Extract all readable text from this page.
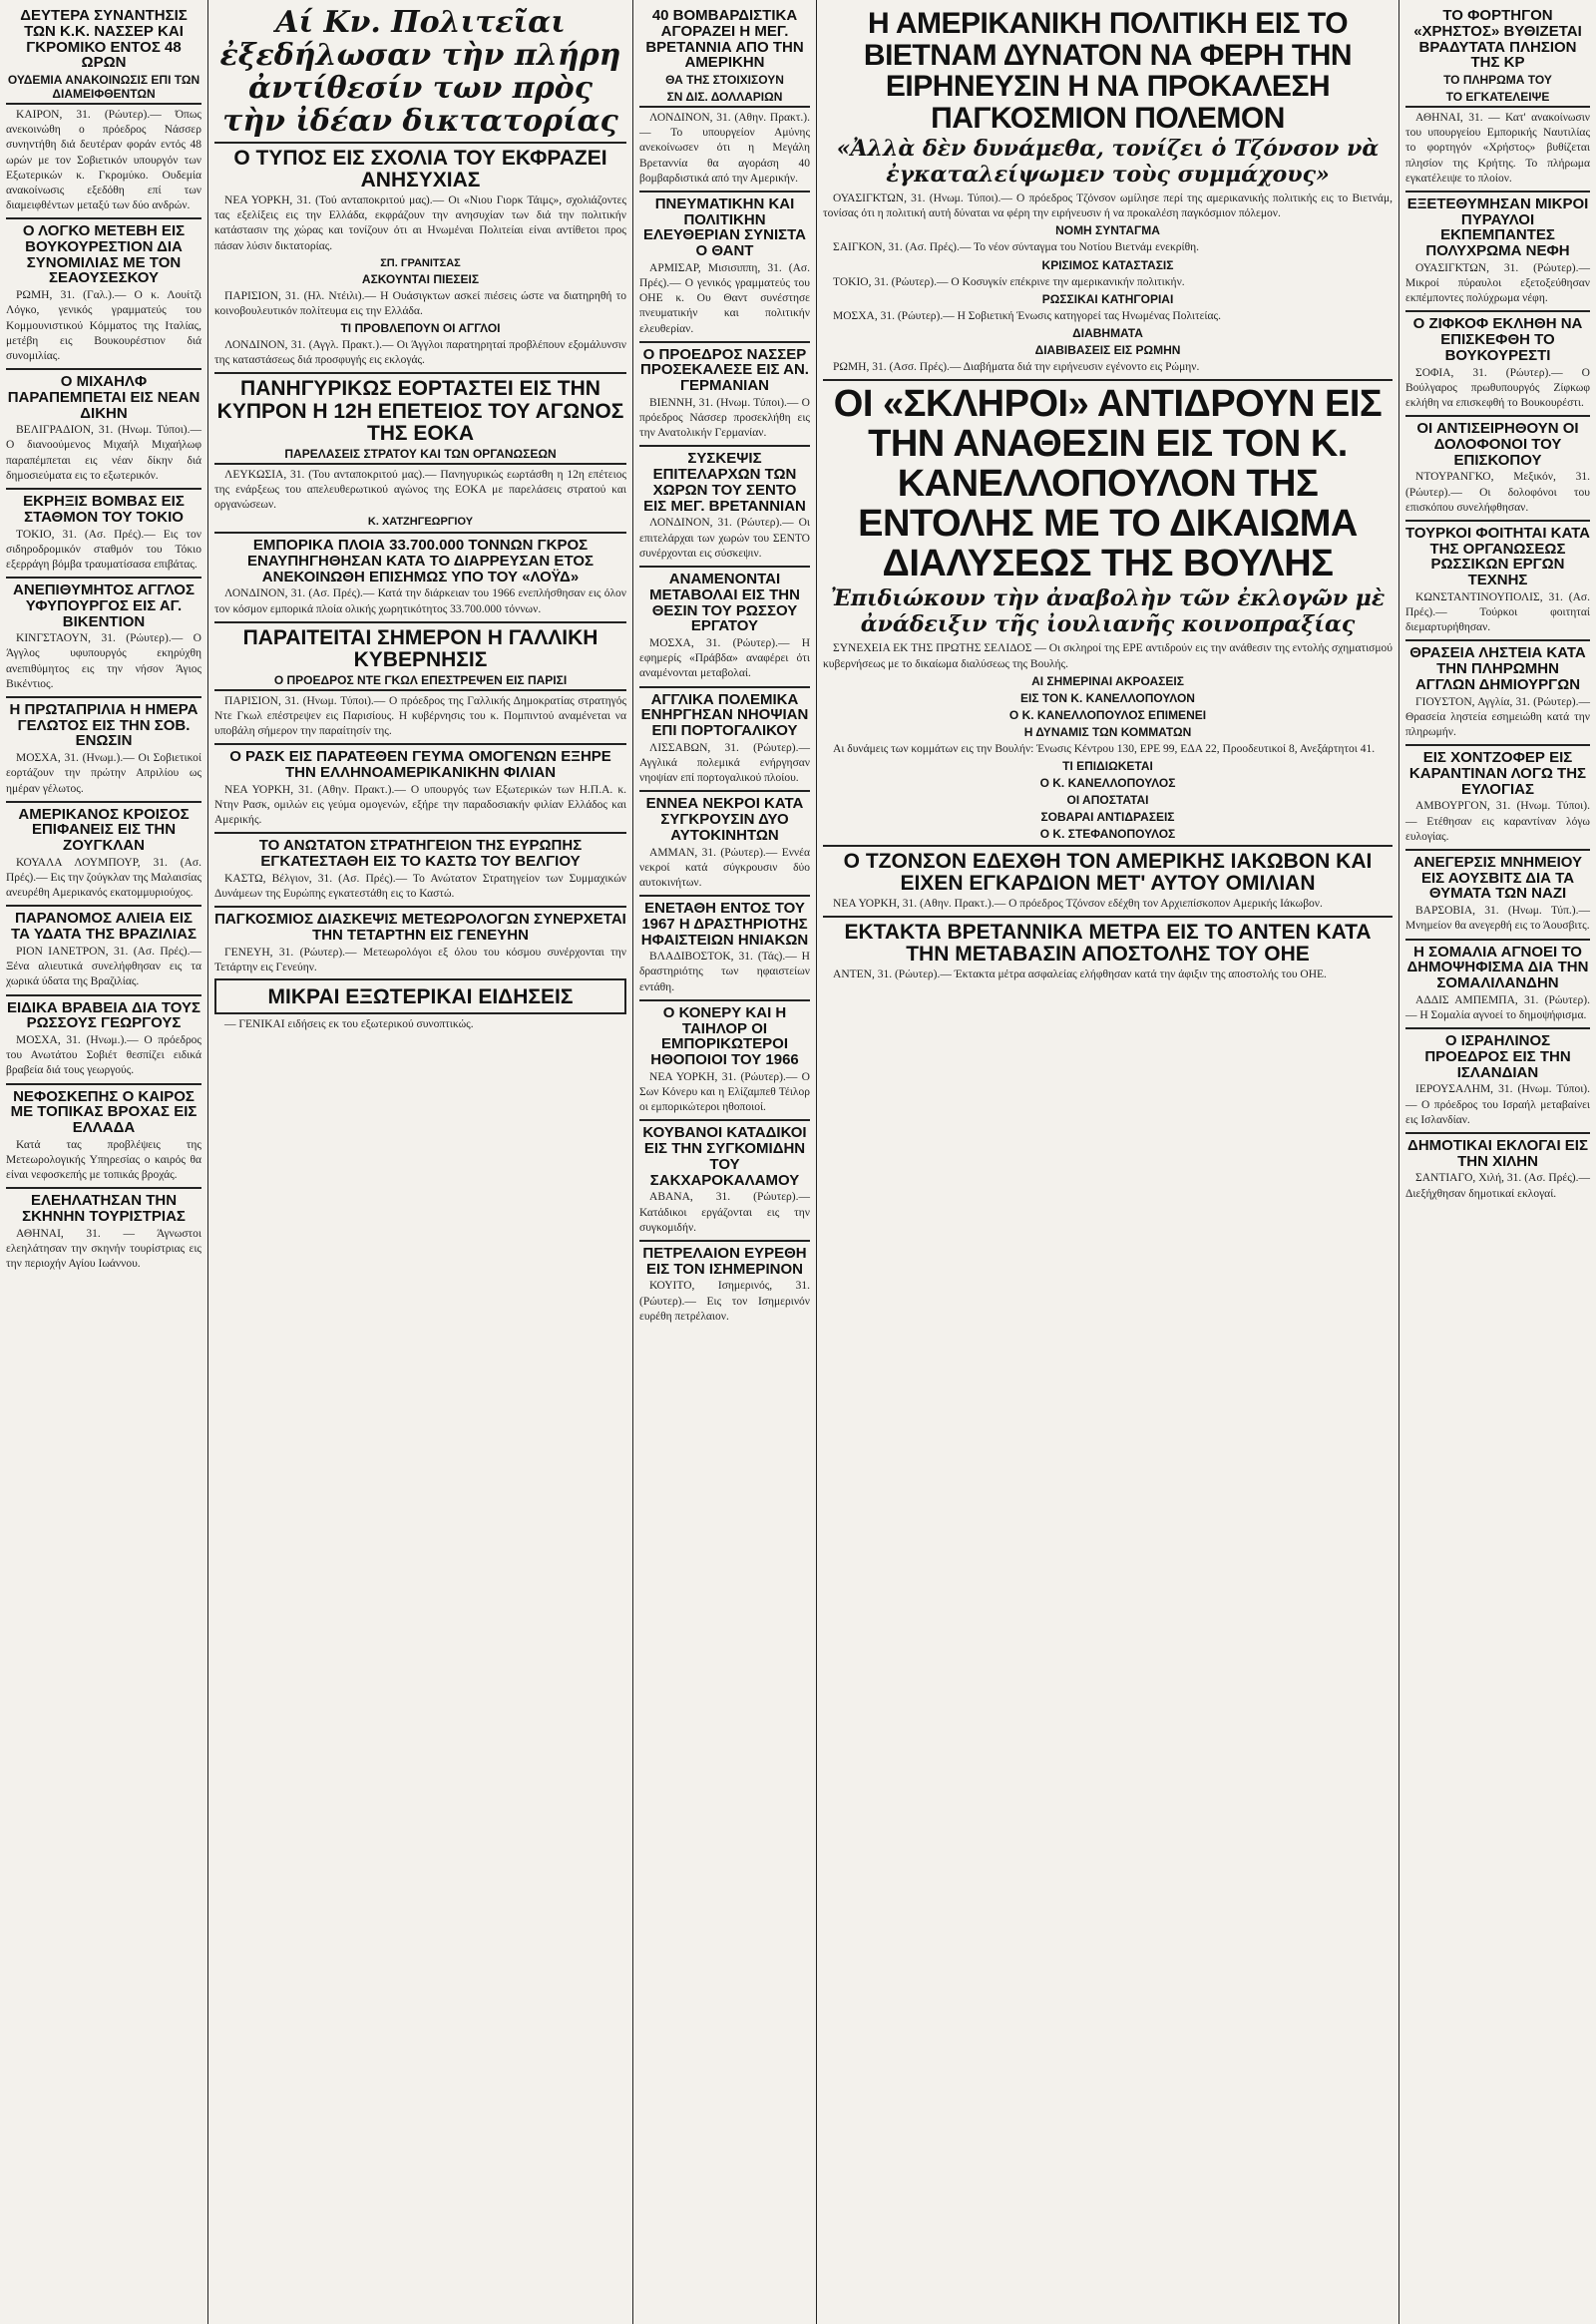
ΔΕΥΤΕΡΑ ΣΥΝΑΝΤΗΣΙΣ ΤΩΝ Κ.Κ. ΝΑΣΣΕΡ ΚΑΙ ΓΚΡΟΜΙΚΟ ΕΝΤΟΣ 48 ΩΡΩΝ
ΟΥΔΕΜΙΑ ΑΝΑΚΟΙΝΩΣΙΣ ΕΠΙ ΤΩΝ ΔΙΑΜΕΙΦΘΕΝΤΩΝ

ΚΑΙΡΟΝ, 31. (Ρώυτερ).— Όπως ανεκοινώθη ο πρόεδρος Νάσσερ συνηντήθη διά δευτέραν φοράν εντός 48 ωρών με τον Σοβιετικόν υπουργόν των Εξωτερικών κ. Γκρομύκο. Ουδεμία ανακοίνωσις εξεδόθη επί των διαμειφθέντων μεταξύ των δύο ανδρών.

Ο ΛΟΓΚΟ ΜΕΤΕΒΗ ΕΙΣ ΒΟΥΚΟΥΡΕΣΤΙΟΝ ΔΙΑ ΣΥΝΟΜΙΛΙΑΣ ΜΕ ΤΟΝ ΣΕΑΟΥΣΕΣΚΟΥ

ΡΩΜΗ, 31. (Γαλ.).— Ο κ. Λουίτζι Λόγκο, γενικός γραμματεύς του Κομμουνιστικού Κόμματος της Ιταλίας, μετέβη εις Βουκουρέστιον διά συνομιλίας.

Ο ΜΙΧΑΗΛΦ ΠΑΡΑΠΕΜΠΕΤΑΙ ΕΙΣ ΝΕΑΝ ΔΙΚΗΝ

ΒΕΛΙΓΡΑΔΙΟΝ, 31. (Ηνωμ. Τύποι).— Ο διανοούμενος Μιχαήλ Μιχαήλωφ παραπέμπεται εις νέαν δίκην διά δημοσιεύματα εις το εξωτερικόν.

ΕΚΡΗΞΙΣ ΒΟΜΒΑΣ ΕΙΣ ΣΤΑΘΜΟΝ ΤΟΥ ΤΟΚΙΟ

ΤΟΚΙΟ, 31. (Ασ. Πρές).— Εις τον σιδηροδρομικόν σταθμόν του Τόκιο εξερράγη βόμβα τραυματίσασα επιβάτας.

ΑΝΕΠΙΘΥΜΗΤΟΣ ΑΓΓΛΟΣ ΥΦΥΠΟΥΡΓΟΣ ΕΙΣ ΑΓ. ΒΙΚΕΝΤΙΟΝ

ΚΙΝΓΣΤΑΟΥΝ, 31. (Ρώυτερ).— Ο Άγγλος υφυπουργός εκηρύχθη ανεπιθύμητος εις την νήσον Άγιος Βικέντιος.

Η ΠΡΩΤΑΠΡΙΛΙΑ Η ΗΜΕΡΑ ΓΕΛΩΤΟΣ ΕΙΣ ΤΗΝ ΣΟΒ. ΕΝΩΣΙΝ

ΜΟΣΧΑ, 31. (Ηνωμ.).— Οι Σοβιετικοί εορτάζουν την πρώτην Απριλίου ως ημέραν γέλωτος.

ΑΜΕΡΙΚΑΝΟΣ ΚΡΟΙΣΟΣ ΕΠΙΦΑΝΕΙΣ ΕΙΣ ΤΗΝ ΖΟΥΓΚΛΑΝ

ΚΟΥΑΛΑ ΛΟΥΜΠΟΥΡ, 31. (Ασ. Πρές).— Εις την ζούγκλαν της Μαλαισίας ανευρέθη Αμερικανός εκατομμυριούχος.

ΠΑΡΑΝΟΜΟΣ ΑΛΙΕΙΑ ΕΙΣ ΤΑ ΥΔΑΤΑ ΤΗΣ ΒΡΑΖΙΛΙΑΣ

ΡΙΟΝ ΙΑΝΕΤΡΟΝ, 31. (Ασ. Πρές).— Ξένα αλιευτικά συνελήφθησαν εις τα χωρικά ύδατα της Βραζιλίας.

ΕΙΔΙΚΑ ΒΡΑΒΕΙΑ ΔΙΑ ΤΟΥΣ ΡΩΣΣΟΥΣ ΓΕΩΡΓΟΥΣ

ΜΟΣΧΑ, 31. (Ηνωμ.).— Ο πρόεδρος του Ανωτάτου Σοβιέτ θεσπίζει ειδικά βραβεία διά τους γεωργούς.

ΝΕΦΟΣΚΕΠΗΣ Ο ΚΑΙΡΟΣ ΜΕ ΤΟΠΙΚΑΣ ΒΡΟΧΑΣ ΕΙΣ ΕΛΛΑΔΑ

Κατά τας προβλέψεις της Μετεωρολογικής Υπηρεσίας ο καιρός θα είναι νεφοσκεπής με τοπικάς βροχάς.

ΕΛΕΗΛΑΤΗΣΑΝ ΤΗΝ ΣΚΗΝΗΝ ΤΟΥΡΙΣΤΡΙΑΣ

ΑΘΗΝΑΙ, 31. — Άγνωστοι ελεηλάτησαν την σκηνήν τουρίστριας εις την περιοχήν Αγίου Ιωάννου.

Αί Κν. Πολιτεῖαι ἐξεδήλωσαν τὴν πλήρη ἀντίθεσίν των πρὸς τὴν ἰδέαν δικτατορίας
Ο ΤΥΠΟΣ ΕΙΣ ΣΧΟΛΙΑ ΤΟΥ ΕΚΦΡΑΖΕΙ ΑΝΗΣΥΧΙΑΣ

ΝΕΑ ΥΟΡΚΗ, 31. (Τού ανταποκριτού μας).— Οι «Νιου Γιορκ Τάιμς», σχολιάζοντες τας εξελίξεις εις την Ελλάδα, εκφράζουν την ανησυχίαν των διά την πολιτικήν κατάστασιν της χώρας και τονίζουν ότι αι Ηνωμέναι Πολιτείαι είναι αντίθετοι προς πάσαν λύσιν δικτατορίας.

ΣΠ. ΓΡΑΝΙΤΣΑΣ
ΑΣΚΟΥΝΤΑΙ ΠΙΕΣΕΙΣ

ΠΑΡΙΣΙΟΝ, 31. (Ηλ. Ντέιλι).— Η Ουάσιγκτων ασκεί πιέσεις ώστε να διατηρηθή το κοινοβουλευτικόν πολίτευμα εις την Ελλάδα.

ΤΙ ΠΡΟΒΛΕΠΟΥΝ ΟΙ ΑΓΓΛΟΙ

ΛΟΝΔΙΝΟΝ, 31. (Αγγλ. Πρακτ.).— Οι Άγγλοι παρατηρηταί προβλέπουν εξομάλυνσιν της καταστάσεως διά προσφυγής εις εκλογάς.

ΠΑΝΗΓΥΡΙΚΩΣ ΕΟΡΤΑΣΤΕΙ ΕΙΣ ΤΗΝ ΚΥΠΡΟΝ Η 12Η ΕΠΕΤΕΙΟΣ ΤΟΥ ΑΓΩΝΟΣ ΤΗΣ ΕΟΚΑ
ΠΑΡΕΛΑΣΕΙΣ ΣΤΡΑΤΟΥ ΚΑΙ ΤΩΝ ΟΡΓΑΝΩΣΕΩΝ

ΛΕΥΚΩΣΙΑ, 31. (Του ανταποκριτού μας).— Πανηγυρικώς εωρτάσθη η 12η επέτειος της ενάρξεως του απελευθερωτικού αγώνος της ΕΟΚΑ με παρελάσεις στρατού και οργανώσεων.

Κ. ΧΑΤΖΗΓΕΩΡΓΙΟΥ
ΕΜΠΟΡΙΚΑ ΠΛΟΙΑ 33.700.000 ΤΟΝΝΩΝ ΓΚΡΟΣ ΕΝΑΥΠΗΓΗΘΗΣΑΝ ΚΑΤΑ ΤΟ ΔΙΑΡΡΕΥΣΑΝ ΕΤΟΣ ΑΝΕΚΟΙΝΩΘΗ ΕΠΙΣΗΜΩΣ ΥΠΟ ΤΟΥ «ΛΟΫΔ»

ΛΟΝΔΙΝΟΝ, 31. (Ασ. Πρές).— Κατά την διάρκειαν του 1966 ενεπλήσθησαν εις όλον τον κόσμον εμπορικά πλοία ολικής χωρητικότητος 33.700.000 τόννων.

ΠΑΡΑΙΤΕΙΤΑΙ ΣΗΜΕΡΟΝ Η ΓΑΛΛΙΚΗ ΚΥΒΕΡΝΗΣΙΣ
Ο ΠΡΟΕΔΡΟΣ ΝΤΕ ΓΚΩΛ ΕΠΕΣΤΡΕΨΕΝ ΕΙΣ ΠΑΡΙΣΙ

ΠΑΡΙΣΙΟΝ, 31. (Ηνωμ. Τύποι).— Ο πρόεδρος της Γαλλικής Δημοκρατίας στρατηγός Ντε Γκωλ επέστρεψεν εις Παρισίους. Η κυβέρνησις του κ. Πομπιντού αναμένεται να υποβάλη σήμερον την παραίτησίν της.

Ο ΡΑΣΚ ΕΙΣ ΠΑΡΑΤΕΘΕΝ ΓΕΥΜΑ ΟΜΟΓΕΝΩΝ ΕΞΗΡΕ ΤΗΝ ΕΛΛΗΝΟΑΜΕΡΙΚΑΝΙΚΗΝ ΦΙΛΙΑΝ

ΝΕΑ ΥΟΡΚΗ, 31. (Αθην. Πρακτ.).— Ο υπουργός των Εξωτερικών των Η.Π.Α. κ. Ντην Ρασκ, ομιλών εις γεύμα ομογενών, εξήρε την παραδοσιακήν φιλίαν Ελλάδος και Αμερικής.

ΤΟ ΑΝΩΤΑΤΟΝ ΣΤΡΑΤΗΓΕΙΟΝ ΤΗΣ ΕΥΡΩΠΗΣ ΕΓΚΑΤΕΣΤΑΘΗ ΕΙΣ ΤΟ ΚΑΣΤΩ ΤΟΥ ΒΕΛΓΙΟΥ

ΚΑΣΤΩ, Βέλγιον, 31. (Ασ. Πρές).— Το Ανώτατον Στρατηγείον των Συμμαχικών Δυνάμεων της Ευρώπης εγκατεστάθη εις το Καστώ.

ΠΑΓΚΟΣΜΙΟΣ ΔΙΑΣΚΕΨΙΣ ΜΕΤΕΩΡΟΛΟΓΩΝ ΣΥΝΕΡΧΕΤΑΙ ΤΗΝ ΤΕΤΑΡΤΗΝ ΕΙΣ ΓΕΝΕΥΗΝ

ΓΕΝΕΥΗ, 31. (Ρώυτερ).— Μετεωρολόγοι εξ όλου του κόσμου συνέρχονται την Τετάρτην εις Γενεύην.

ΜΙΚΡΑΙ ΕΞΩΤΕΡΙΚΑΙ ΕΙΔΗΣΕΙΣ

— ΓΕΝΙΚΑΙ ειδήσεις εκ του εξωτερικού συνοπτικώς.

40 ΒΟΜΒΑΡΔΙΣΤΙΚΑ ΑΓΟΡΑΖΕΙ Η ΜΕΓ. ΒΡΕΤΑΝΝΙΑ ΑΠΟ ΤΗΝ ΑΜΕΡΙΚΗΝ
ΘΑ ΤΗΣ ΣΤΟΙΧΙΣΟΥΝ
ΣΝ ΔΙΣ. ΔΟΛΛΑΡΙΩΝ

ΛΟΝΔΙΝΟΝ, 31. (Αθην. Πρακτ.).— Το υπουργείον Αμύνης ανεκοίνωσεν ότι η Μεγάλη Βρεταννία θα αγοράση 40 βομβαρδιστικά από την Αμερικήν.

ΠΝΕΥΜΑΤΙΚΗΝ ΚΑΙ ΠΟΛΙΤΙΚΗΝ ΕΛΕΥΘΕΡΙΑΝ ΣΥΝΙΣΤΑ Ο ΘΑΝΤ

ΑΡΜΙΣΑΡ, Μισισιππη, 31. (Ασ. Πρές).— Ο γενικός γραμματεύς του ΟΗΕ κ. Ου Θαντ συνέστησε πνευματικήν και πολιτικήν ελευθερίαν.

Ο ΠΡΟΕΔΡΟΣ ΝΑΣΣΕΡ ΠΡΟΣΕΚΑΛΕΣΕ ΕΙΣ ΑΝ. ΓΕΡΜΑΝΙΑΝ

ΒΙΕΝΝΗ, 31. (Ηνωμ. Τύποι).— Ο πρόεδρος Νάσσερ προσεκλήθη εις την Ανατολικήν Γερμανίαν.

ΣΥΣΚΕΨΙΣ ΕΠΙΤΕΛΑΡΧΩΝ ΤΩΝ ΧΩΡΩΝ ΤΟΥ ΣΕΝΤΟ ΕΙΣ ΜΕΓ. ΒΡΕΤΑΝΝΙΑΝ

ΛΟΝΔΙΝΟΝ, 31. (Ρώυτερ).— Οι επιτελάρχαι των χωρών του ΣΕΝΤΟ συνέρχονται εις σύσκεψιν.

ΑΝΑΜΕΝΟΝΤΑΙ ΜΕΤΑΒΟΛΑΙ ΕΙΣ ΤΗΝ ΘΕΣΙΝ ΤΟΥ ΡΩΣΣΟΥ ΕΡΓΑΤΟΥ

ΜΟΣΧΑ, 31. (Ρώυτερ).— Η εφημερίς «Πράβδα» αναφέρει ότι αναμένονται μεταβολαί.

ΑΓΓΛΙΚΑ ΠΟΛΕΜΙΚΑ ΕΝΗΡΓΗΣΑΝ ΝΗΟΨΙΑΝ ΕΠΙ ΠΟΡΤΟΓΑΛΙΚΟΥ

ΛΙΣΣΑΒΩΝ, 31. (Ρώυτερ).— Αγγλικά πολεμικά ενήργησαν νηοψίαν επί πορτογαλικού πλοίου.

ΕΝΝΕΑ ΝΕΚΡΟΙ ΚΑΤΑ ΣΥΓΚΡΟΥΣΙΝ ΔΥΟ ΑΥΤΟΚΙΝΗΤΩΝ

ΑΜΜΑΝ, 31. (Ρώυτερ).— Εννέα νεκροί κατά σύγκρουσιν δύο αυτοκινήτων.

ΕΝΕΤΑΘΗ ΕΝΤΟΣ ΤΟΥ 1967 Η ΔΡΑΣΤΗΡΙΟΤΗΣ ΗΦΑΙΣΤΕΙΩΝ ΗΝΙΑΚΩΝ

ΒΛΑΔΙΒΟΣΤΟΚ, 31. (Τάς).— Η δραστηριότης των ηφαιστείων εντάθη.

Ο ΚΟΝΕΡΥ ΚΑΙ Η ΤΑΙΗΛΟΡ ΟΙ ΕΜΠΟΡΙΚΩΤΕΡΟΙ ΗΘΟΠΟΙΟΙ ΤΟΥ 1966

ΝΕΑ ΥΟΡΚΗ, 31. (Ρώυτερ).— Ο Σων Κόνερυ και η Ελίζαμπεθ Τέιλορ οι εμπορικώτεροι ηθοποιοί.

ΚΟΥΒΑΝΟΙ ΚΑΤΑΔΙΚΟΙ ΕΙΣ ΤΗΝ ΣΥΓΚΟΜΙΔΗΝ ΤΟΥ ΣΑΚΧΑΡΟΚΑΛΑΜΟΥ

ΑΒΑΝΑ, 31. (Ρώυτερ).— Κατάδικοι εργάζονται εις την συγκομιδήν.

ΠΕΤΡΕΛΑΙΟΝ ΕΥΡΕΘΗ ΕΙΣ ΤΟΝ ΙΣΗΜΕΡΙΝΟΝ

ΚΟΥΙΤΟ, Ισημερινός, 31. (Ρώυτερ).— Εις τον Ισημερινόν ευρέθη πετρέλαιον.

Η ΑΜΕΡΙΚΑΝΙΚΗ ΠΟΛΙΤΙΚΗ ΕΙΣ ΤΟ ΒΙΕΤΝΑΜ ΔΥΝΑΤΟΝ ΝΑ ΦΕΡΗ ΤΗΝ ΕΙΡΗΝΕΥΣΙΝ Η ΝΑ ΠΡΟΚΑΛΕΣΗ ΠΑΓΚΟΣΜΙΟΝ ΠΟΛΕΜΟΝ
«Ἀλλὰ δὲν δυνάμεθα, τονίζει ὁ Τζόνσον νὰ ἐγκαταλείψωμεν τοὺς συμμάχους»

ΟΥΑΣΙΓΚΤΩΝ, 31. (Ηνωμ. Τύποι).— Ο πρόεδρος Τζόνσον ωμίλησε περί της αμερικανικής πολιτικής εις το Βιετνάμ, τονίσας ότι η πολιτική αυτή δύναται να φέρη την ειρήνευσιν ή να προκαλέση παγκόσμιον πόλεμον.

ΝΟΜΗ ΣΥΝΤΑΓΜΑ

ΣΑΙΓΚΟΝ, 31. (Ασ. Πρές).— Το νέον σύνταγμα του Νοτίου Βιετνάμ ενεκρίθη.

ΚΡΙΣΙΜΟΣ ΚΑΤΑΣΤΑΣΙΣ

ΤΟΚΙΟ, 31. (Ρώυτερ).— Ο Κοσυγκίν επέκρινε την αμερικανικήν πολιτικήν.

ΡΩΣΣΙΚΑΙ ΚΑΤΗΓΟΡΙΑΙ

ΜΟΣΧΑ, 31. (Ρώυτερ).— Η Σοβιετική Ένωσις κατηγορεί τας Ηνωμένας Πολιτείας.

ΔΙΑΒΗΜΑΤΑ
ΔΙΑΒΙΒΑΣΕΙΣ ΕΙΣ ΡΩΜΗΝ

ΡΩΜΗ, 31. (Ασσ. Πρές).— Διαβήματα διά την ειρήνευσιν εγένοντο εις Ρώμην.

ΟΙ «ΣΚΛΗΡΟΙ» ΑΝΤΙΔΡΟΥΝ ΕΙΣ ΤΗΝ ΑΝΑΘΕΣΙΝ ΕΙΣ ΤΟΝ Κ. ΚΑΝΕΛΛΟΠΟΥΛΟΝ ΤΗΣ ΕΝΤΟΛΗΣ ΜΕ ΤΟ ΔΙΚΑΙΩΜΑ ΔΙΑΛΥΣΕΩΣ ΤΗΣ ΒΟΥΛΗΣ
Ἐπιδιώκουν τὴν ἀναβολὴν τῶν ἐκλογῶν μὲ ἀνάδειξιν τῆς ἰουλιανῆς κοινοπραξίας

ΣΥΝΕΧΕΙΑ ΕΚ ΤΗΣ ΠΡΩΤΗΣ ΣΕΛΙΔΟΣ — Οι σκληροί της ΕΡΕ αντιδρούν εις την ανάθεσιν της εντολής σχηματισμού κυβερνήσεως με το δικαίωμα διαλύσεως της Βουλής.

ΑΙ ΣΗΜΕΡΙΝΑΙ ΑΚΡΟΑΣΕΙΣ
ΕΙΣ ΤΟΝ Κ. ΚΑΝΕΛΛΟΠΟΥΛΟΝ
Ο Κ. ΚΑΝΕΛΛΟΠΟΥΛΟΣ ΕΠΙΜΕΝΕΙ
Η ΔΥΝΑΜΙΣ ΤΩΝ ΚΟΜΜΑΤΩΝ

Αι δυνάμεις των κομμάτων εις την Βουλήν: Ένωσις Κέντρου 130, ΕΡΕ 99, ΕΔΑ 22, Προοδευτικοί 8, Ανεξάρτητοι 41.

ΤΙ ΕΠΙΔΙΩΚΕΤΑΙ
Ο Κ. ΚΑΝΕΛΛΟΠΟΥΛΟΣ
ΟΙ ΑΠΟΣΤΑΤΑΙ
ΣΟΒΑΡΑΙ ΑΝΤΙΔΡΑΣΕΙΣ
Ο Κ. ΣΤΕΦΑΝΟΠΟΥΛΟΣ
Ο ΤΖΟΝΣΟΝ ΕΔΕΧΘΗ ΤΟΝ ΑΜΕΡΙΚΗΣ ΙΑΚΩΒΟΝ ΚΑΙ ΕΙΧΕΝ ΕΓΚΑΡΔΙΟΝ ΜΕΤ' ΑΥΤΟΥ ΟΜΙΛΙΑΝ

ΝΕΑ ΥΟΡΚΗ, 31. (Αθην. Πρακτ.).— Ο πρόεδρος Τζόνσον εδέχθη τον Αρχιεπίσκοπον Αμερικής Ιάκωβον.

ΕΚΤΑΚΤΑ ΒΡΕΤΑΝΝΙΚΑ ΜΕΤΡΑ ΕΙΣ ΤΟ ΑΝΤΕΝ ΚΑΤΑ ΤΗΝ ΜΕΤΑΒΑΣΙΝ ΑΠΟΣΤΟΛΗΣ ΤΟΥ ΟΗΕ

ΑΝΤΕΝ, 31. (Ρώυτερ).— Έκτακτα μέτρα ασφαλείας ελήφθησαν κατά την άφιξιν της αποστολής του ΟΗΕ.

ΤΟ ΦΟΡΤΗΓΟΝ «ΧΡΗΣΤΟΣ» ΒΥΘΙΖΕΤΑΙ ΒΡΑΔΥΤΑΤΑ ΠΛΗΣΙΟΝ ΤΗΣ ΚΡ
ΤΟ ΠΛΗΡΩΜΑ ΤΟΥ
ΤΟ ΕΓΚΑΤΕΛΕΙΨΕ

ΑΘΗΝΑΙ, 31. — Κατ' ανακοίνωσιν του υπουργείου Εμπορικής Ναυτιλίας το φορτηγόν «Χρήστος» βυθίζεται πλησίον της Κρήτης. Το πλήρωμα εγκατέλειψε το πλοίον.

ΕΞΕΤΕΘΥΜΗΣΑΝ ΜΙΚΡΟΙ ΠΥΡΑΥΛΟΙ ΕΚΠΕΜΠΑΝΤΕΣ ΠΟΛΥΧΡΩΜΑ ΝΕΦΗ

ΟΥΑΣΙΓΚΤΩΝ, 31. (Ρώυτερ).— Μικροί πύραυλοι εξετοξεύθησαν εκπέμποντες πολύχρωμα νέφη.

Ο ΖΙΦΚΟΦ ΕΚΛΗΘΗ ΝΑ ΕΠΙΣΚΕΦΘΗ ΤΟ ΒΟΥΚΟΥΡΕΣΤΙ

ΣΟΦΙΑ, 31. (Ρώυτερ).— Ο Βούλγαρος πρωθυπουργός Ζίφκωφ εκλήθη να επισκεφθή το Βουκουρέστι.

ΟΙ ΑΝΤΙΣΕΙΡΗΘΟΥΝ ΟΙ ΔΟΛΟΦΟΝΟΙ ΤΟΥ ΕΠΙΣΚΟΠΟΥ

ΝΤΟΥΡΑΝΓΚΟ, Μεξικόν, 31. (Ρώυτερ).— Οι δολοφόνοι του επισκόπου συνελήφθησαν.

ΤΟΥΡΚΟΙ ΦΟΙΤΗΤΑΙ ΚΑΤΑ ΤΗΣ ΟΡΓΑΝΩΣΕΩΣ ΡΩΣΣΙΚΩΝ ΕΡΓΩΝ ΤΕΧΝΗΣ

ΚΩΝΣΤΑΝΤΙΝΟΥΠΟΛΙΣ, 31. (Ασ. Πρές).— Τούρκοι φοιτηταί διεμαρτυρήθησαν.

ΘΡΑΣΕΙΑ ΛΗΣΤΕΙΑ ΚΑΤΑ ΤΗΝ ΠΛΗΡΩΜΗΝ ΑΓΓΛΩΝ ΔΗΜΙΟΥΡΓΩΝ

ΓΙΟΥΣΤΟΝ, Αγγλία, 31. (Ρώυτερ).— Θρασεία ληστεία εσημειώθη κατά την πληρωμήν.

ΕΙΣ ΧΟΝΤΖΟΦΕΡ ΕΙΣ ΚΑΡΑΝΤΙΝΑΝ ΛΟΓΩ ΤΗΣ ΕΥΛΟΓΙΑΣ

ΑΜΒΟΥΡΓΟΝ, 31. (Ηνωμ. Τύποι).— Ετέθησαν εις καραντίναν λόγω ευλογίας.

ΑΝΕΓΕΡΣΙΣ ΜΝΗΜΕΙΟΥ ΕΙΣ ΑΟΥΣΒΙΤΣ ΔΙΑ ΤΑ ΘΥΜΑΤΑ ΤΩΝ ΝΑΖΙ

ΒΑΡΣΟΒΙΑ, 31. (Ηνωμ. Τύπ.).— Μνημείον θα ανεγερθή εις το Άουσβιτς.

Η ΣΟΜΑΛΙΑ ΑΓΝΟΕΙ ΤΟ ΔΗΜΟΨΗΦΙΣΜΑ ΔΙΑ ΤΗΝ ΣΟΜΑΛΙΛΑΝΔΗΝ

ΑΔΔΙΣ ΑΜΠΕΜΠΑ, 31. (Ρώυτερ).— Η Σομαλία αγνοεί το δημοψήφισμα.

Ο ΙΣΡΑΗΛΙΝΟΣ ΠΡΟΕΔΡΟΣ ΕΙΣ ΤΗΝ ΙΣΛΑΝΔΙΑΝ

ΙΕΡΟΥΣΑΛΗΜ, 31. (Ηνωμ. Τύποι).— Ο πρόεδρος του Ισραήλ μεταβαίνει εις Ισλανδίαν.

ΔΗΜΟΤΙΚΑΙ ΕΚΛΟΓΑΙ ΕΙΣ ΤΗΝ ΧΙΛΗΝ

ΣΑΝΤΙΑΓΟ, Χιλή, 31. (Ασ. Πρές).— Διεξήχθησαν δημοτικαί εκλογαί.
